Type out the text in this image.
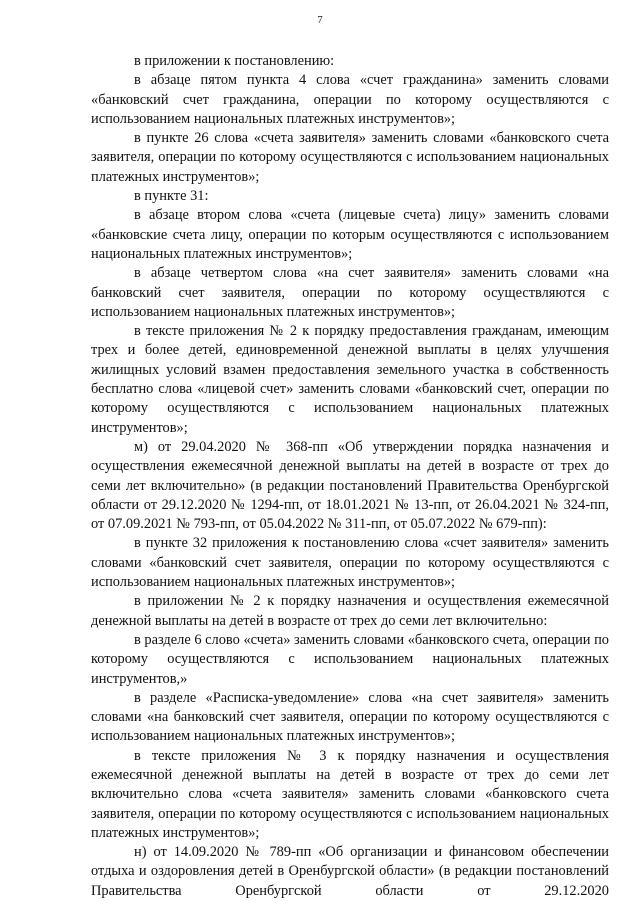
7

в приложении к постановлению:

в абзаце пятом пункта 4 слова «счет гражданина» заменить словами «банковский счет гражданина, операции по которому осуществляются с использованием национальных платежных инструментов»;

в пункте 26 слова «счета заявителя» заменить словами «банковского счета заявителя, операции по которому осуществляются с использованием национальных платежных инструментов»;

в пункте 31:

в абзаце втором слова «счета (лицевые счета) лицу» заменить словами «банковские счета лицу, операции по которым осуществляются с использованием национальных платежных инструментов»;

в абзаце четвертом слова «на счет заявителя» заменить словами «на банковский счет заявителя, операции по которому осуществляются с использованием национальных платежных инструментов»;

в тексте приложения № 2 к порядку предоставления гражданам, имеющим трех и более детей, единовременной денежной выплаты в целях улучшения жилищных условий взамен предоставления земельного участка в собственность бесплатно слова «лицевой счет» заменить словами «банковский счет, операции по которому осуществляются с использованием национальных платежных инструментов»;

м) от 29.04.2020 № 368-пп «Об утверждении порядка назначения и осуществления ежемесячной денежной выплаты на детей в возрасте от трех до семи лет включительно» (в редакции постановлений Правительства Оренбургской области от 29.12.2020 № 1294-пп, от 18.01.2021 № 13-пп, от 26.04.2021 № 324-пп, от 07.09.2021 № 793-пп, от 05.04.2022 № 311-пп, от 05.07.2022 № 679-пп):

в пункте 32 приложения к постановлению слова «счет заявителя» заменить словами «банковский счет заявителя, операции по которому осуществляются с использованием национальных платежных инструментов»;

в приложении № 2 к порядку назначения и осуществления ежемесячной денежной выплаты на детей в возрасте от трех до семи лет включительно:

в разделе 6 слово «счета» заменить словами «банковского счета, операции по которому осуществляются с использованием национальных платежных инструментов,»

в разделе «Расписка-уведомление» слова «на счет заявителя» заменить словами «на банковский счет заявителя, операции по которому осуществляются с использованием национальных платежных инструментов»;

в тексте приложения № 3 к порядку назначения и осуществления ежемесячной денежной выплаты на детей в возрасте от трех до семи лет включительно слова «счета заявителя» заменить словами «банковского счета заявителя, операции по которому осуществляются с использованием национальных платежных инструментов»;

н) от 14.09.2020 № 789-пп «Об организации и финансовом обеспечении отдыха и оздоровления детей в Оренбургской области» (в редакции постановлений Правительства Оренбургской области от 29.12.2020
